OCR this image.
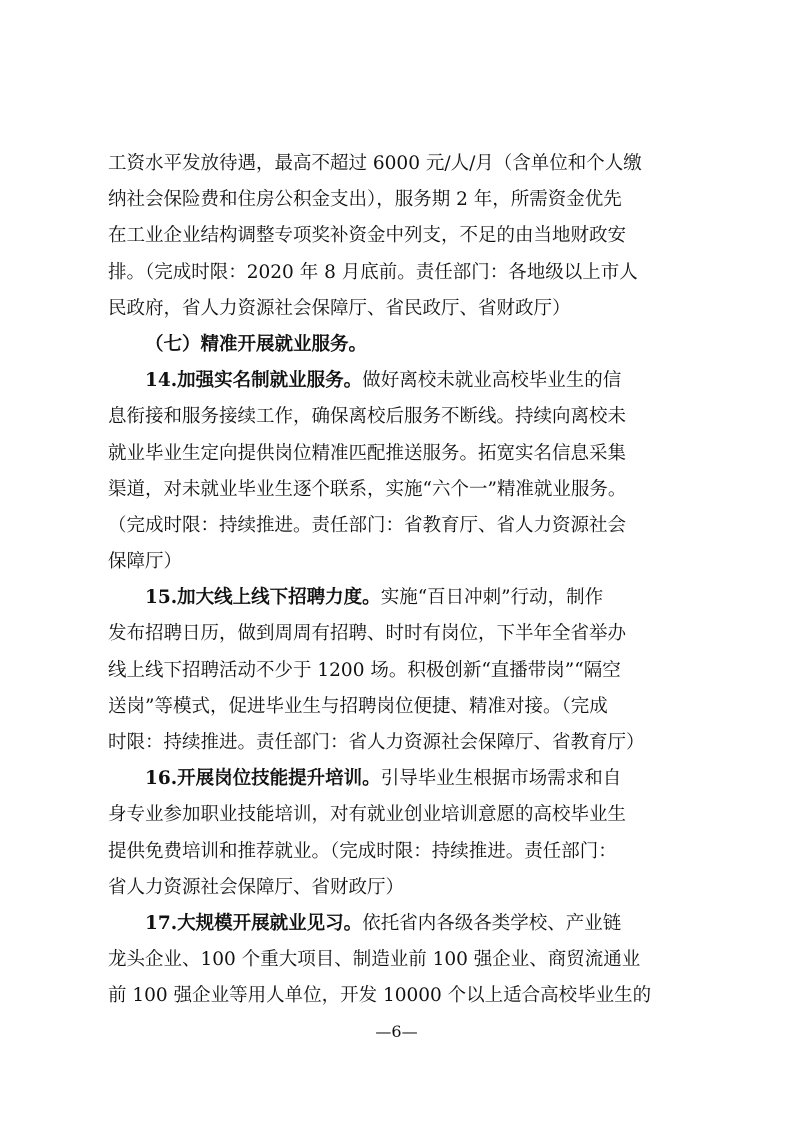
工资水平发放待遇，最高不超过 6000 元/人/月（含单位和个人缴
纳社会保险费和住房公积金支出），服务期 2 年，所需资金优先
在工业企业结构调整专项奖补资金中列支，不足的由当地财政安
排。（完成时限：2020 年 8 月底前。责任部门：各地级以上市人
民政府，省人力资源社会保障厅、省民政厅、省财政厅）
（七）精准开展就业服务。
14.加强实名制就业服务。做好离校未就业高校毕业生的信
息衔接和服务接续工作，确保离校后服务不断线。持续向离校未
就业毕业生定向提供岗位精准匹配推送服务。拓宽实名信息采集
渠道，对未就业毕业生逐个联系，实施“六个一”精准就业服务。
（完成时限：持续推进。责任部门：省教育厅、省人力资源社会
保障厅）
15.加大线上线下招聘力度。实施“百日冲刺”行动，制作
发布招聘日历，做到周周有招聘、时时有岗位，下半年全省举办
线上线下招聘活动不少于 1200 场。积极创新“直播带岗”“隔空
送岗”等模式，促进毕业生与招聘岗位便捷、精准对接。（完成
时限：持续推进。责任部门：省人力资源社会保障厅、省教育厅）
16.开展岗位技能提升培训。引导毕业生根据市场需求和自
身专业参加职业技能培训，对有就业创业培训意愿的高校毕业生
提供免费培训和推荐就业。（完成时限：持续推进。责任部门：
省人力资源社会保障厅、省财政厅）
17.大规模开展就业见习。依托省内各级各类学校、产业链
龙头企业、100 个重大项目、制造业前 100 强企业、商贸流通业
前 100 强企业等用人单位，开发 10000 个以上适合高校毕业生的
—6—
